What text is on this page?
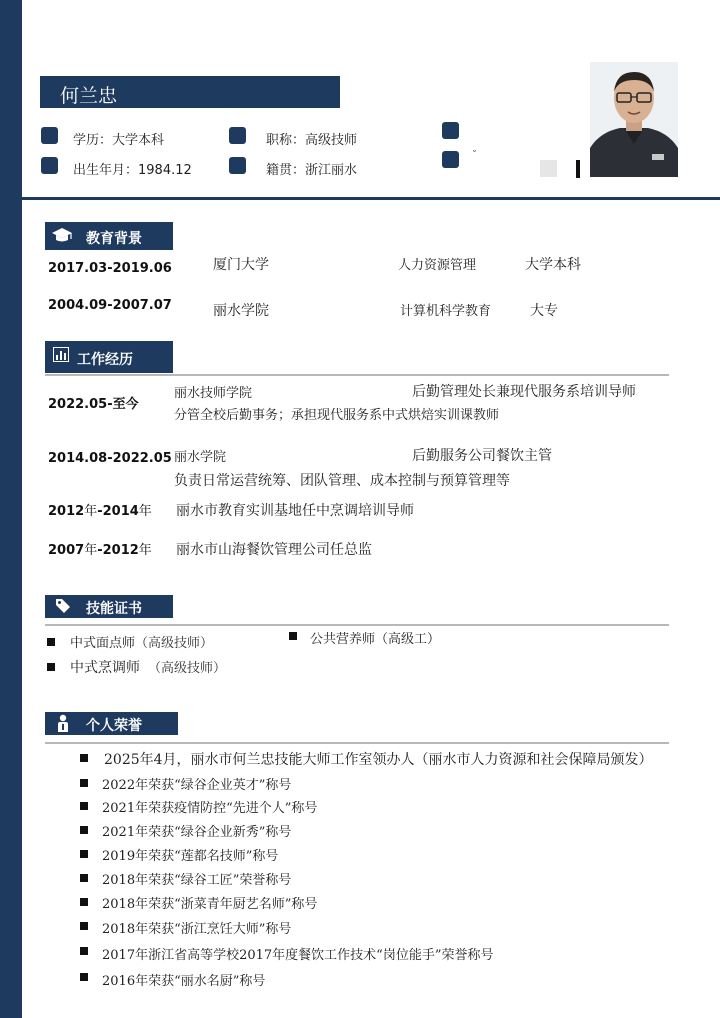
何兰忠
学历：大学本科	职称：高级技师
出生年月：1984.12	籍贯：浙江丽水
˘
教育背景
2017.03-2019.06	厦门大学	人力资源管理	大学本科
2004.09-2007.07	丽水学院	计算机科学教育	大专
工作经历
2022.05-至今
丽水技师学院	后勤管理处长兼现代服务系培训导师
分管全校后勤事务；承担现代服务系中式烘焙实训课教师
2014.08-2022.05 丽水学院	后勤服务公司餐饮主管
负责日常运营统筹、团队管理、成本控制与预算管理等
2012年-2014年 丽水市教育实训基地任中烹调培训导师
2007年-2012年 丽水市山海餐饮管理公司任总监
技能证书
中式面点师（高级技师）	公共营养师（高级工）
中式烹调师 （高级技师）
个人荣誉
2025年4月，丽水市何兰忠技能大师工作室领办人（丽水市人力资源和社会保障局颁发）
2022年荣获“绿谷企业英才”称号
2021年荣获疫情防控“先进个人”称号
2021年荣获“绿谷企业新秀”称号
2019年荣获“莲都名技师”称号
2018年荣获“绿谷工匠”荣誉称号
2018年荣获“浙菜青年厨艺名师”称号
2018年荣获“浙江烹饪大师”称号
2017年浙江省高等学校2017年度餐饮工作技术“岗位能手”荣誉称号
2016年荣获“丽水名厨”称号
